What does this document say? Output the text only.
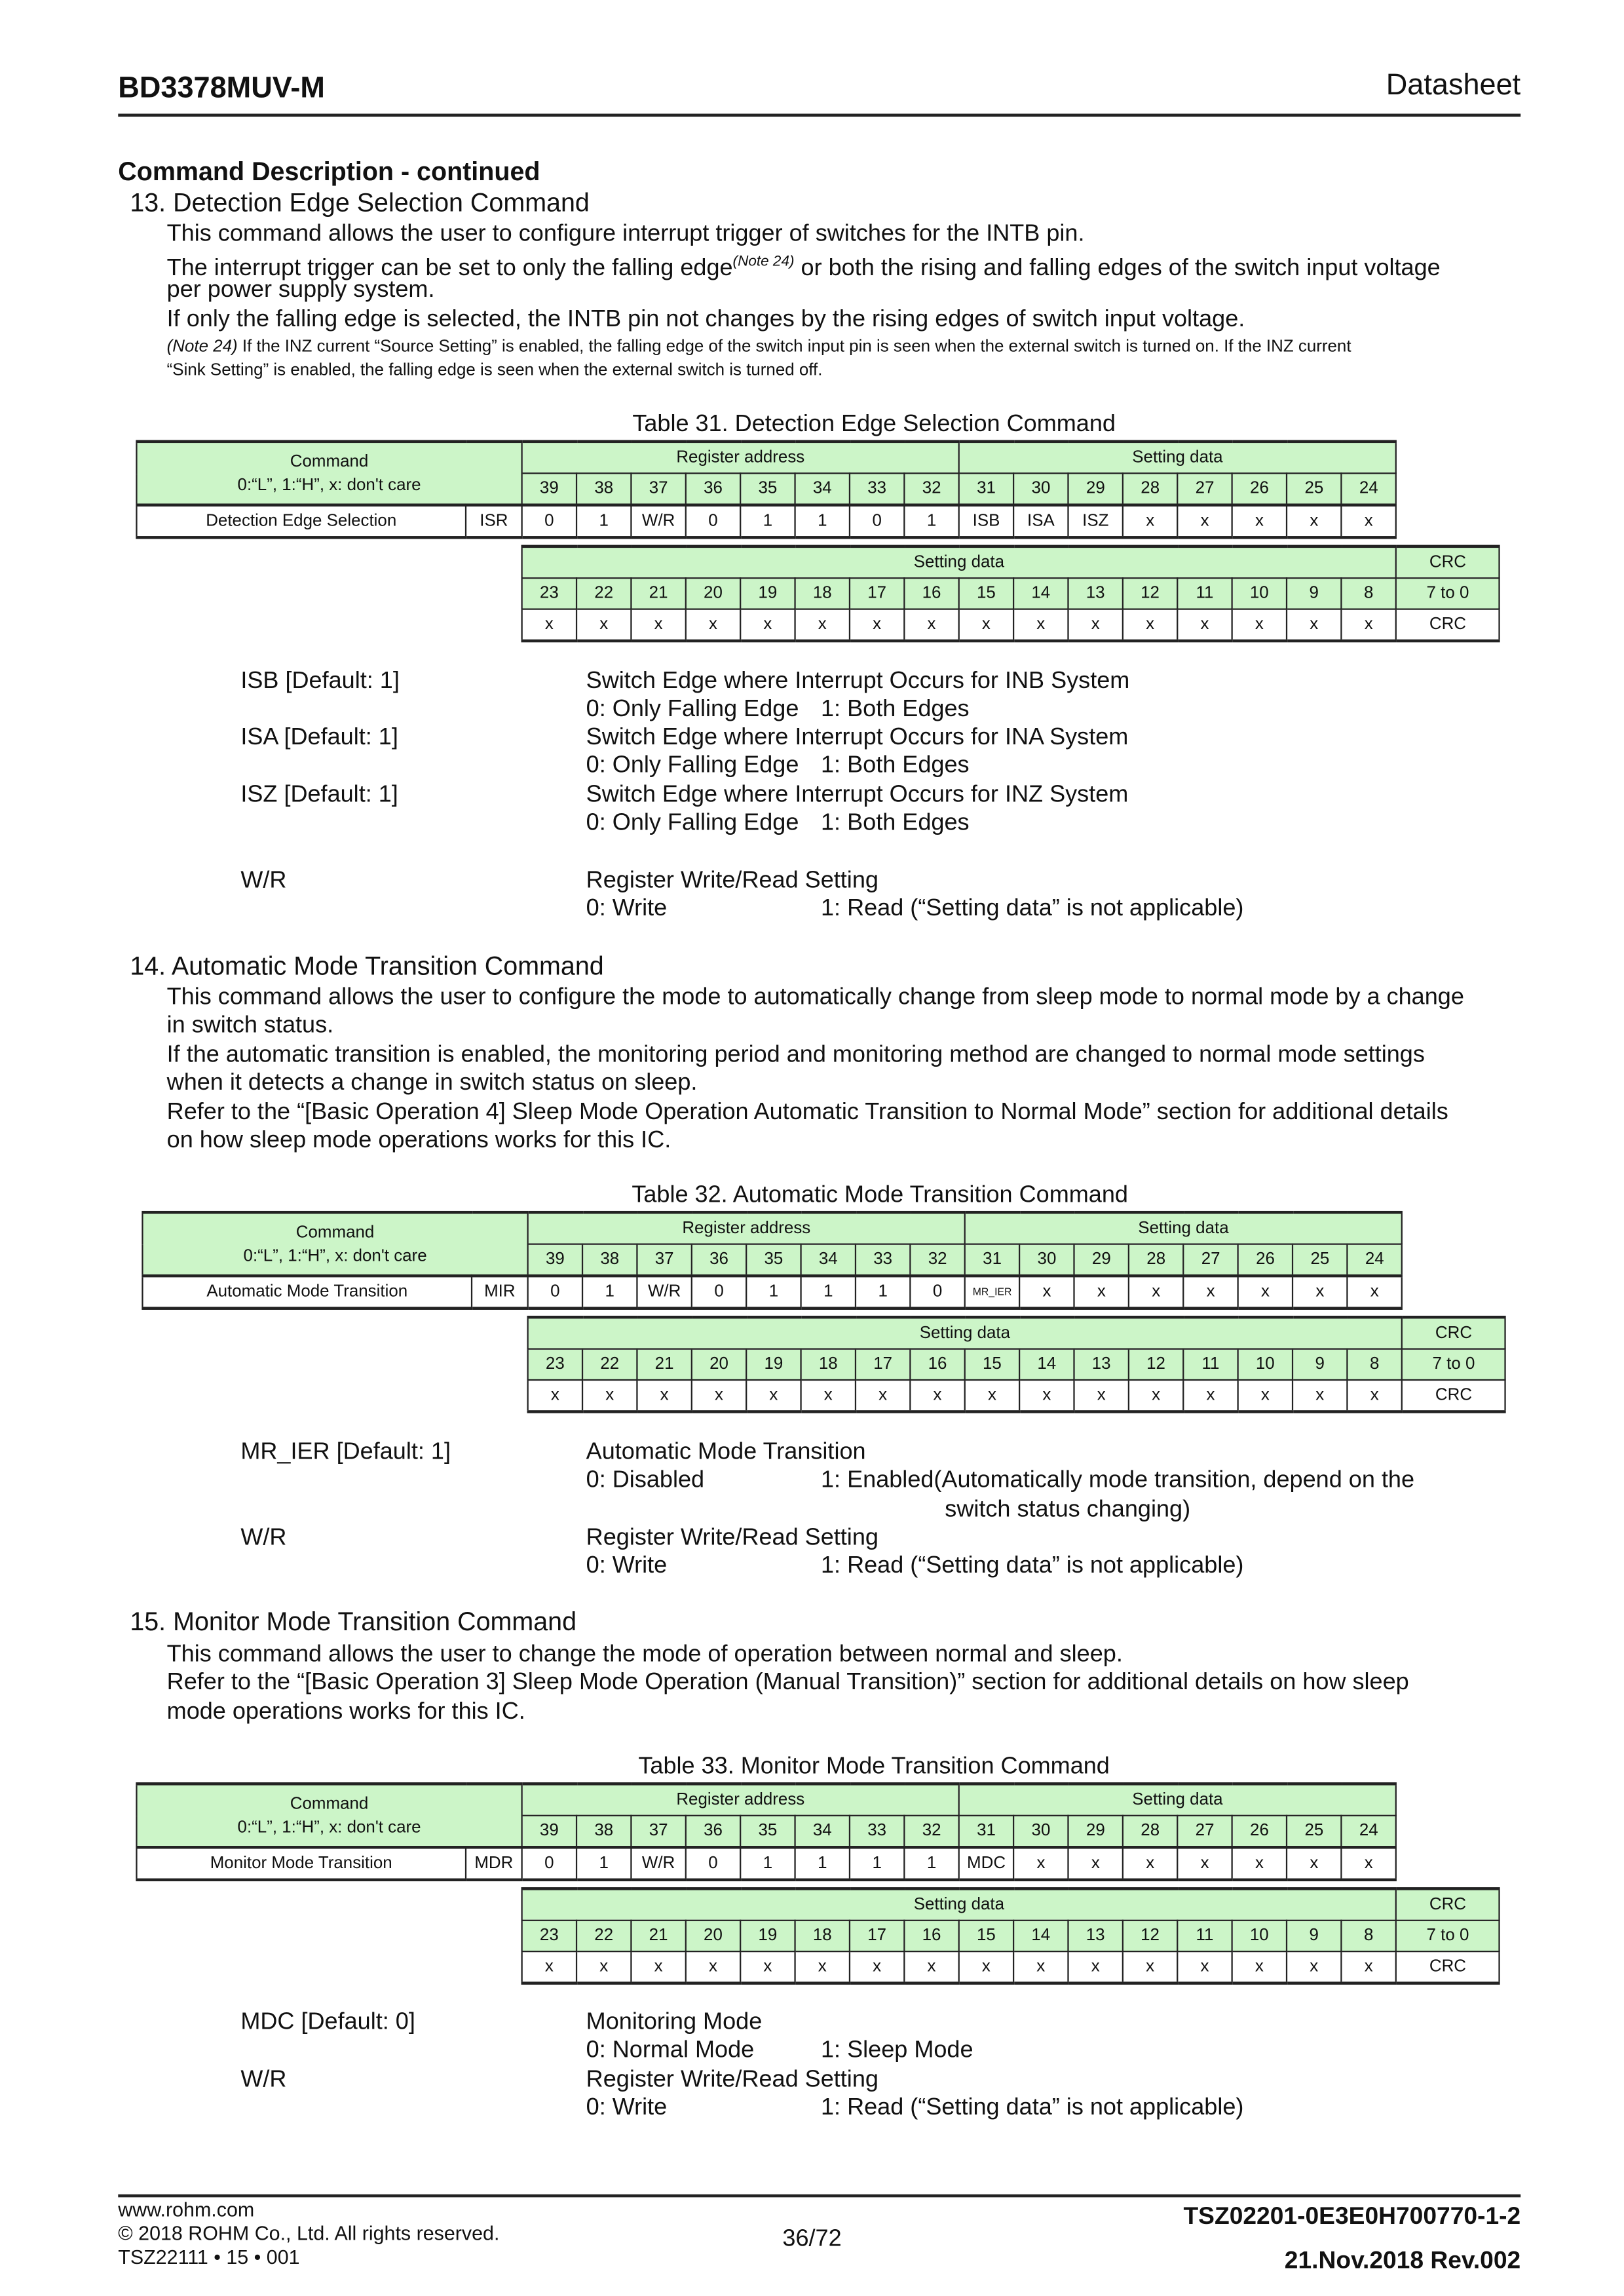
BD3378MUV-M	Datasheet
Command Description - continued
13. Detection Edge Selection Command
This command allows the user to configure interrupt trigger of switches for the INTB pin.
The interrupt trigger can be set to only the falling edge$^{(Note 24)}$ or both the rising and falling edges of the switch input voltage
per power supply system.
If only the falling edge is selected, the INTB pin not changes by the rising edges of switch input voltage.
(Note 24) If the INZ current “Source Setting” is enabled, the falling edge of the switch input pin is seen when the external switch is turned on. If the INZ current
“Sink Setting” is enabled, the falling edge is seen when the external switch is turned off.
Table 31. Detection Edge Selection Command
Command
0:“L”, 1:“H”, x: don't care		Register address								Setting data							
		39	38	37	36	35	34	33	32	31	30	29	28	27	26	25	24
Detection Edge Selection	ISR	0	1	W/R	0	1	1	0	1	ISB	ISA	ISZ	x	x	x	x	x
Setting data																CRC
23	22	21	20	19	18	17	16	15	14	13	12	11	10	9	8	7 to 0
x	x	x	x	x	x	x	x	x	x	x	x	x	x	x	x	CRC
ISB [Default: 1]	Switch Edge where Interrupt Occurs for INB System
0: Only Falling Edge 1: Both Edges
ISA [Default: 1]	Switch Edge where Interrupt Occurs for INA System
0: Only Falling Edge 1: Both Edges
ISZ [Default: 1]	Switch Edge where Interrupt Occurs for INZ System
0: Only Falling Edge 1: Both Edges
W/R	Register Write/Read Setting
0: Write	1: Read (“Setting data” is not applicable)
14. Automatic Mode Transition Command
This command allows the user to configure the mode to automatically change from sleep mode to normal mode by a change
in switch status.
If the automatic transition is enabled, the monitoring period and monitoring method are changed to normal mode settings
when it detects a change in switch status on sleep.
Refer to the “[Basic Operation 4] Sleep Mode Operation Automatic Transition to Normal Mode” section for additional details
on how sleep mode operations works for this IC.
Table 32. Automatic Mode Transition Command
Command
0:“L”, 1:“H”, x: don't care		Register address								Setting data							
		39	38	37	36	35	34	33	32	31	30	29	28	27	26	25	24
Automatic Mode Transition	MIR	0	1	W/R	0	1	1	1	0	MR_IER	x	x	x	x	x	x	x
Setting data																CRC
23	22	21	20	19	18	17	16	15	14	13	12	11	10	9	8	7 to 0
x	x	x	x	x	x	x	x	x	x	x	x	x	x	x	x	CRC
MR_IER [Default: 1]	Automatic Mode Transition
0: Disabled	1: Enabled(Automatically mode transition, depend on the
switch status changing)
W/R	Register Write/Read Setting
0: Write	1: Read (“Setting data” is not applicable)
15. Monitor Mode Transition Command
This command allows the user to change the mode of operation between normal and sleep.
Refer to the “[Basic Operation 3] Sleep Mode Operation (Manual Transition)” section for additional details on how sleep
mode operations works for this IC.
Table 33. Monitor Mode Transition Command
Command
0:“L”, 1:“H”, x: don't care		Register address								Setting data							
		39	38	37	36	35	34	33	32	31	30	29	28	27	26	25	24
Monitor Mode Transition	MDR	0	1	W/R	0	1	1	1	1	MDC	x	x	x	x	x	x	x
Setting data																CRC
23	22	21	20	19	18	17	16	15	14	13	12	11	10	9	8	7 to 0
x	x	x	x	x	x	x	x	x	x	x	x	x	x	x	x	CRC
MDC [Default: 0]	Monitoring Mode
0: Normal Mode	1: Sleep Mode
W/R	Register Write/Read Setting
0: Write	1: Read (“Setting data” is not applicable)
www.rohm.com
© 2018 ROHM Co., Ltd. All rights reserved.
TSZ22111 • 15 • 001
36/72
TSZ02201-0E3E0H700770-1-2
21.Nov.2018 Rev.002
